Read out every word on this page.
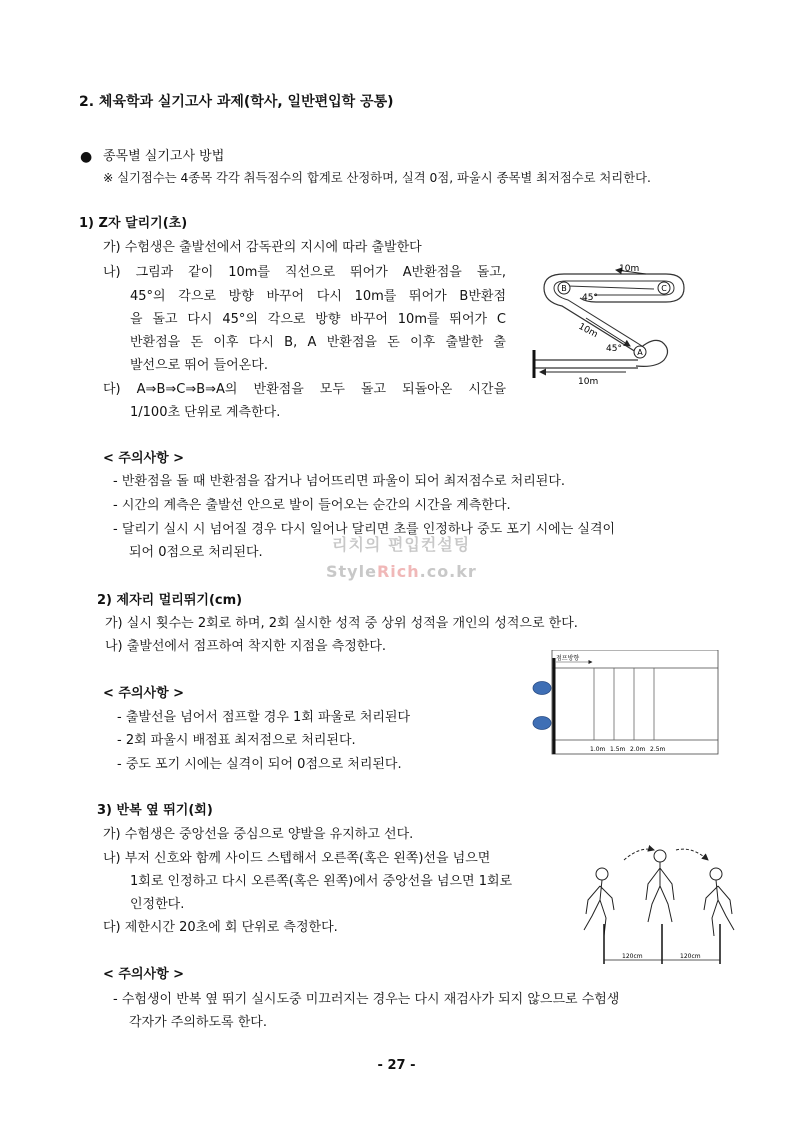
2. 체육학과 실기고사 과제(학사, 일반편입학 공통)
● 종목별 실기고사 방법
※ 실기점수는 4종목 각각 취득점수의 합계로 산정하며, 실격 0점, 파울시 종목별 최저점수로 처리한다.
1) Z자 달리기(초)
가) 수험생은 출발선에서 감독관의 지시에 따라 출발한다
나) 그림과 같이 10m를 직선으로 뛰어가 A반환점을 돌고,
45°의 각으로 방향 바꾸어 다시 10m를 뛰어가 B반환점
을 돌고 다시 45°의 각으로 방향 바꾸어 10m를 뛰어가 C
반환점을 돈 이후 다시 B, A 반환점을 돈 이후 출발한 출
발선으로 뛰어 들어온다.
다) A⇒B⇒C⇒B⇒A의 반환점을 모두 돌고 되돌아온 시간을
1/100초 단위로 계측한다.
B	C
A
10m
10m
10m
45°
45°
< 주의사항 >
- 반환점을 돌 때 반환점을 잡거나 넘어뜨리면 파울이 되어 최저점수로 처리된다.
- 시간의 계측은 출발선 안으로 발이 들어오는 순간의 시간을 계측한다.
- 달리기 실시 시 넘어질 경우 다시 일어나 달리면 초를 인정하나 중도 포기 시에는 실격이
되어 0점으로 처리된다.	리치의 편입컨설팅
StyleRich.co.kr
2) 제자리 멀리뛰기(cm)
가) 실시 횟수는 2회로 하며, 2회 실시한 성적 중 상위 성적을 개인의 성적으로 한다.
나) 출발선에서 점프하여 착지한 지점을 측정한다.
점프방향
1.0m 1.5m 2.0m 2.5m
< 주의사항 >
- 출발선을 넘어서 점프할 경우 1회 파울로 처리된다
- 2회 파울시 배점표 최저점으로 처리된다.
- 중도 포기 시에는 실격이 되어 0점으로 처리된다.
3) 반복 옆 뛰기(회)
가) 수험생은 중앙선을 중심으로 양발을 유지하고 선다.
나) 부저 신호와 함께 사이드 스텝해서 오른쪽(혹은 왼쪽)선을 넘으면
1회로 인정하고 다시 오른쪽(혹은 왼쪽)에서 중앙선을 넘으면 1회로
인정한다.
다) 제한시간 20초에 회 단위로 측정한다.
120cm	120cm
< 주의사항 >
- 수험생이 반복 옆 뛰기 실시도중 미끄러지는 경우는 다시 재검사가 되지 않으므로 수험생
각자가 주의하도록 한다.
- 27 -
